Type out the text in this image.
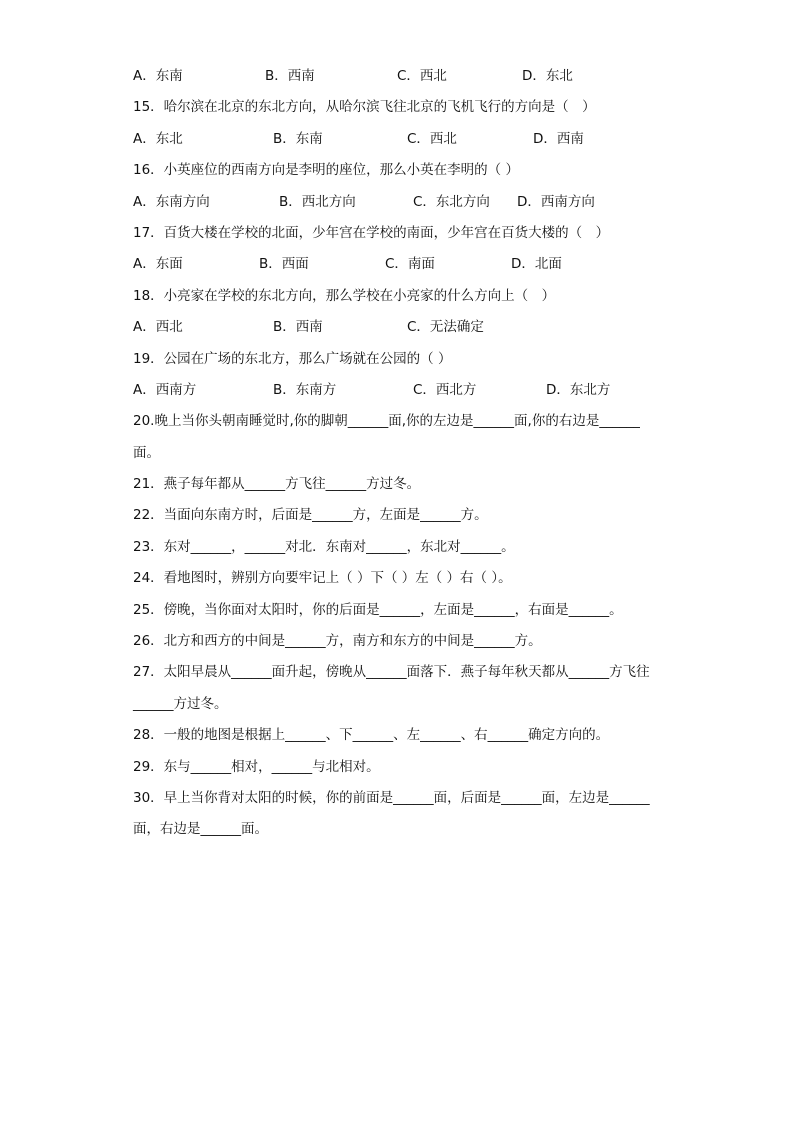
A．东南	B．西南	C．西北	D．东北
15．哈尔滨在北京的东北方向，从哈尔滨飞往北京的飞机飞行的方向是（　）
A．东北	B．东南	C．西北	D．西南
16．小英座位的西南方向是李明的座位，那么小英在李明的（ ）
A．东南方向	B．西北方向	C．东北方向 D．西南方向
17．百货大楼在学校的北面，少年宫在学校的南面，少年宫在百货大楼的（　）
A．东面	B．西面	C．南面	D．北面
18．小亮家在学校的东北方向，那么学校在小亮家的什么方向上（　）
A．西北	B．西南	C．无法确定
19．公园在广场的东北方，那么广场就在公园的（ ）
A．西南方	B．东南方	C．西北方	D．东北方
20.晚上当你头朝南睡觉时,你的脚朝______面,你的左边是______面,你的右边是______
面。
21．燕子每年都从______方飞往______方过冬。
22．当面向东南方时，后面是______方，左面是______方。
23．东对______，______对北．东南对______，东北对______。
24．看地图时，辨别方向要牢记上（ ）下（ ）左（ ）右（ ）。
25．傍晚，当你面对太阳时，你的后面是______，左面是______，右面是______。
26．北方和西方的中间是______方，南方和东方的中间是______方。
27．太阳早晨从______面升起，傍晚从______面落下．燕子每年秋天都从______方飞往
______方过冬。
28．一般的地图是根据上______、下______、左______、右______确定方向的。
29．东与______相对，______与北相对。
30．早上当你背对太阳的时候，你的前面是______面，后面是______面，左边是______
面，右边是______面。
